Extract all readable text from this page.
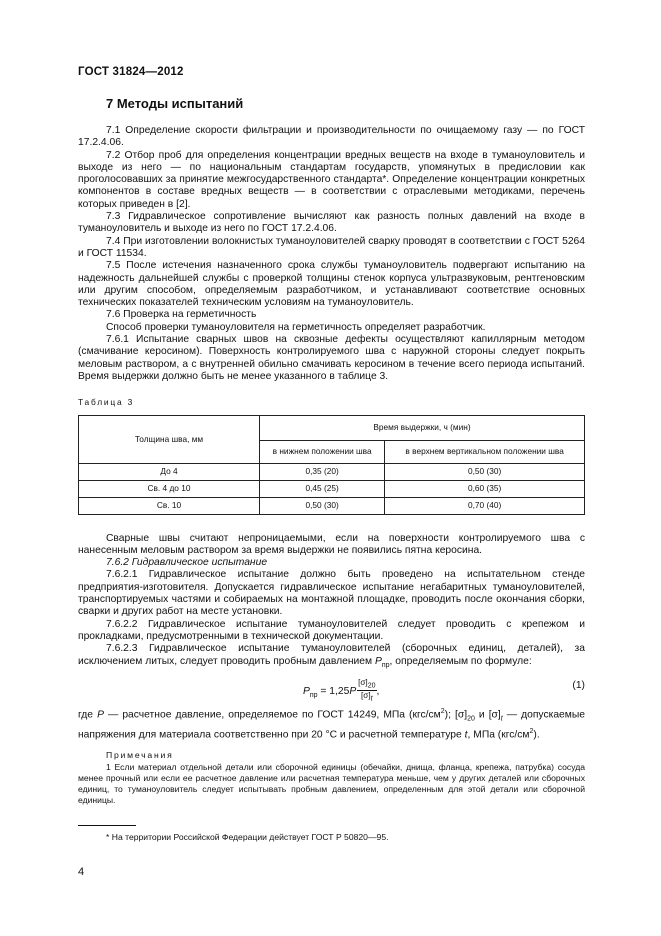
ГОСТ 31824—2012
7 Методы испытаний

7.1 Определение скорости фильтрации и производительности по очищаемому газу — по ГОСТ 17.2.4.06.

7.2 Отбор проб для определения концентрации вредных веществ на входе в туманоуловитель и выходе из него — по национальным стандартам государств, упомянутых в предисловии как проголосовавших за принятие межгосударственного стандарта*. Определение концентрации конкретных компонентов в составе вредных веществ — в соответствии с отраслевыми методиками, перечень которых приведен в [2].

7.3 Гидравлическое сопротивление вычисляют как разность полных давлений на входе в туманоуловитель и выходе из него по ГОСТ 17.2.4.06.

7.4 При изготовлении волокнистых туманоуловителей сварку проводят в соответствии с ГОСТ 5264 и ГОСТ 11534.

7.5 После истечения назначенного срока службы туманоуловитель подвергают испытанию на надежность дальнейшей службы с проверкой толщины стенок корпуса ультразвуковым, рентгеновским или другим способом, определяемым разработчиком, и устанавливают соответствие основных технических показателей техническим условиям на туманоуловитель.

7.6 Проверка на герметичность

Способ проверки туманоуловителя на герметичность определяет разработчик.

7.6.1 Испытание сварных швов на сквозные дефекты осуществляют капиллярным методом (смачивание керосином). Поверхность контролируемого шва с наружной стороны следует покрыть меловым раствором, а с внутренней обильно смачивать керосином в течение всего периода испытаний. Время выдержки должно быть не менее указанного в таблице 3.

Таблица 3

Толщина шва, мм	Время выдержки, ч (мин)	
	в нижнем положении шва	в верхнем вертикальном положении шва
До 4	0,35 (20)	0,50 (30)
Св. 4 до 10	0,45 (25)	0,60 (35)
Св. 10	0,50 (30)	0,70 (40)

Сварные швы считают непроницаемыми, если на поверхности контролируемого шва с нанесенным меловым раствором за время выдержки не появились пятна керосина.

7.6.2 Гидравлическое испытание

7.6.2.1 Гидравлическое испытание должно быть проведено на испытательном стенде предприятия-изготовителя. Допускается гидравлическое испытание негабаритных туманоуловителей, транспортируемых частями и собираемых на монтажной площадке, проводить после окончания сборки, сварки и других работ на месте установки.

7.6.2.2 Гидравлическое испытание туманоуловителей следует проводить с крепежом и прокладками, предусмотренными в технической документации.

7.6.2.3 Гидравлическое испытание туманоуловителей (сборочных единиц, деталей), за исключением литых, следует проводить пробным давлением $P_{пр}$, определяемым по формуле:

$P_{пр} = 1,25P$  $\frac{[\sigma]_{20}}{[\sigma]_t}$ ,
(1)

где P — расчетное давление, определяемое по ГОСТ 14249, МПа $(кгс/см^2)$; $[\sigma]_{20}$ и $[\sigma]_t$ — допускаемые напряжения для материала соответственно при 20 °С и расчетной температуре t, МПа $(кгс/см^2)$.

Примечания

1 Если материал отдельной детали или сборочной единицы (обечайки, днища, фланца, крепежа, патрубка) сосуда менее прочный или если ее расчетное давление или расчетная температура меньше, чем у других деталей или сборочных единиц, то туманоуловитель следует испытывать пробным давлением, определенным для этой детали или сборочной единицы.

* На территории Российской Федерации действует ГОСТ Р 50820—95.
4
